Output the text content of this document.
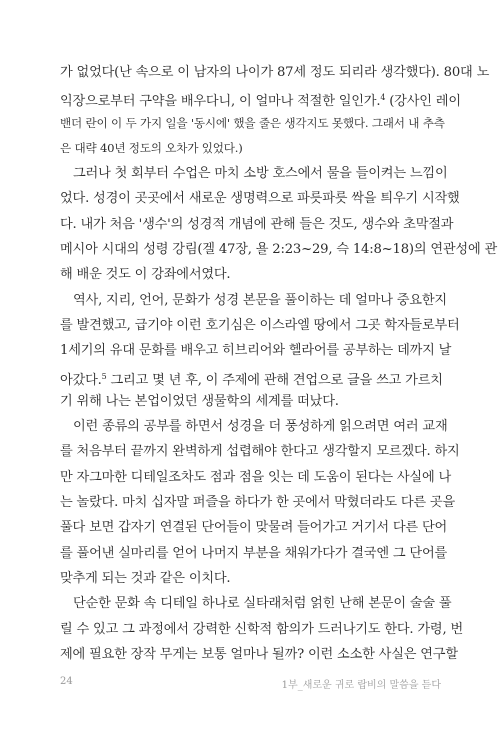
가 없었다(난 속으로 이 남자의 나이가 87세 정도 되리라 생각했다). 80대 노
익장으로부터 구약을 배우다니, 이 얼마나 적절한 일인가.$^4$ (강사인 레이
밴더 란이 이 두 가지 일을 '동시에' 했을 줄은 생각지도 못했다. 그래서 내 추측
은 대략 40년 정도의 오차가 있었다.)
그러나 첫 회부터 수업은 마치 소방 호스에서 물을 들이켜는 느낌이
었다. 성경이 곳곳에서 새로운 생명력으로 파릇파릇 싹을 틔우기 시작했
다. 내가 처음 '생수'의 성경적 개념에 관해 들은 것도, 생수와 초막절과
메시아 시대의 성령 강림(겔 47장, 욜 2:23~29, 슥 14:8~18)의 연관성에 관
해 배운 것도 이 강좌에서였다.
역사, 지리, 언어, 문화가 성경 본문을 풀이하는 데 얼마나 중요한지
를 발견했고, 급기야 이런 호기심은 이스라엘 땅에서 그곳 학자들로부터
1세기의 유대 문화를 배우고 히브리어와 헬라어를 공부하는 데까지 날
아갔다.$^5$ 그리고 몇 년 후, 이 주제에 관해 견업으로 글을 쓰고 가르치
기 위해 나는 본업이었던 생물학의 세계를 떠났다.
이런 종류의 공부를 하면서 성경을 더 풍성하게 읽으려면 여러 교재
를 처음부터 끝까지 완벽하게 섭렵해야 한다고 생각할지 모르겠다. 하지
만 자그마한 디테일조차도 점과 점을 잇는 데 도움이 된다는 사실에 나
는 놀랐다. 마치 십자말 퍼즐을 하다가 한 곳에서 막혔더라도 다른 곳을
풀다 보면 갑자기 연결된 단어들이 맞물려 들어가고 거기서 다른 단어
를 풀어낸 실마리를 얻어 나머지 부분을 채워가다가 결국엔 그 단어를
맞추게 되는 것과 같은 이치다.
단순한 문화 속 디테일 하나로 실타래처럼 얽힌 난해 본문이 술술 풀
릴 수 있고 그 과정에서 강력한 신학적 함의가 드러나기도 한다. 가령, 번
제에 필요한 장작 무게는 보통 얼마나 될까? 이런 소소한 사실은 연구할
24	1부_새로운 귀로 랍비의 말씀을 듣다
